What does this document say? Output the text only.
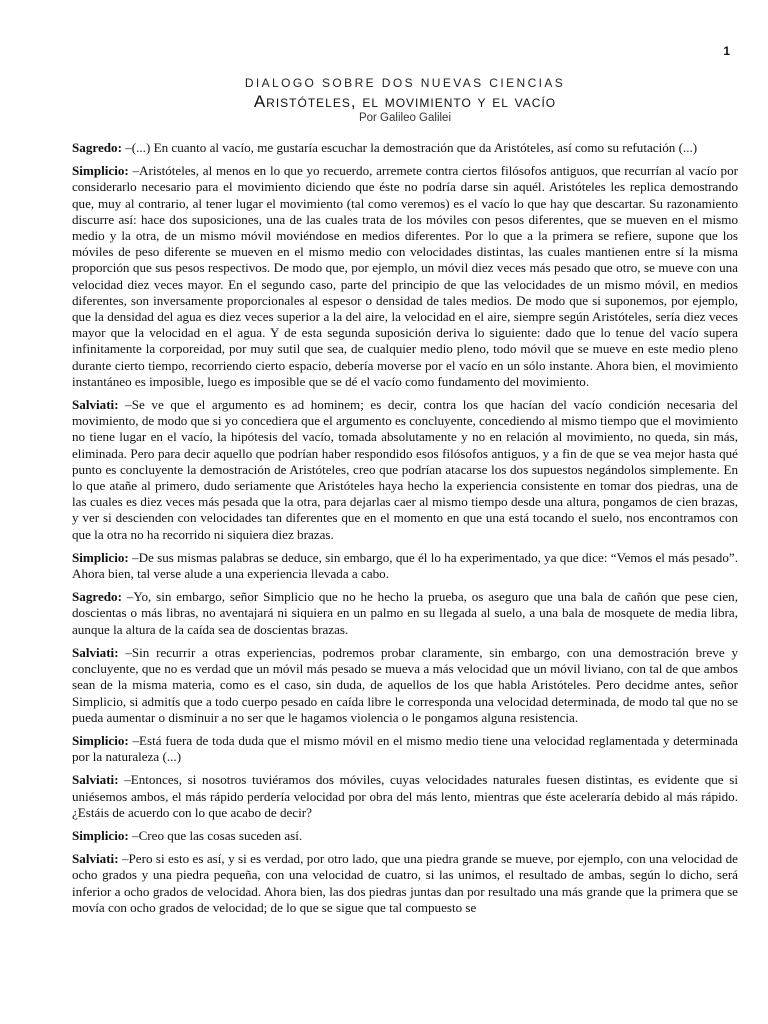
1
DIALOGO SOBRE DOS NUEVAS CIENCIAS
Aristóteles, el movimiento y el vacío
Por Galileo Galilei

Sagredo: –(...) En cuanto al vacío, me gustaría escuchar la demostración que da Aristóteles, así como su refutación (...)

Simplicio: –Aristóteles, al menos en lo que yo recuerdo, arremete contra ciertos filósofos antiguos, que recurrían al vacío por considerarlo necesario para el movimiento diciendo que éste no podría darse sin aquél. Aristóteles les replica demostrando que, muy al contrario, al tener lugar el movimiento (tal como veremos) es el vacío lo que hay que descartar. Su razonamiento discurre así: hace dos suposiciones, una de las cuales trata de los móviles con pesos diferentes, que se mueven en el mismo medio y la otra, de un mismo móvil moviéndose en medios diferentes. Por lo que a la primera se refiere, supone que los móviles de peso diferente se mueven en el mismo medio con velocidades distintas, las cuales mantienen entre sí la misma proporción que sus pesos respectivos. De modo que, por ejemplo, un móvil diez veces más pesado que otro, se mueve con una velocidad diez veces mayor. En el segundo caso, parte del principio de que las velocidades de un mismo móvil, en medios diferentes, son inversamente proporcionales al espesor o densidad de tales medios. De modo que si suponemos, por ejemplo, que la densidad del agua es diez veces superior a la del aire, la velocidad en el aire, siempre según Aristóteles, sería diez veces mayor que la velocidad en el agua. Y de esta segunda suposición deriva lo siguiente: dado que lo tenue del vacío supera infinitamente la corporeidad, por muy sutil que sea, de cualquier medio pleno, todo móvil que se mueve en este medio pleno durante cierto tiempo, recorriendo cierto espacio, debería moverse por el vacío en un sólo instante. Ahora bien, el movimiento instantáneo es imposible, luego es imposible que se dé el vacío como fundamento del movimiento.

Salviati: –Se ve que el argumento es ad hominem; es decir, contra los que hacían del vacío condición necesaria del movimiento, de modo que si yo concediera que el argumento es concluyente, concediendo al mismo tiempo que el movimiento no tiene lugar en el vacío, la hipótesis del vacío, tomada absolutamente y no en relación al movimiento, no queda, sin más, eliminada. Pero para decir aquello que podrían haber respondido esos filósofos antiguos, y a fin de que se vea mejor hasta qué punto es concluyente la demostración de Aristóteles, creo que podrían atacarse los dos supuestos negándolos simplemente. En lo que atañe al primero, dudo seriamente que Aristóteles haya hecho la experiencia consistente en tomar dos piedras, una de las cuales es diez veces más pesada que la otra, para dejarlas caer al mismo tiempo desde una altura, pongamos de cien brazas, y ver si descienden con velocidades tan diferentes que en el momento en que una está tocando el suelo, nos encontramos con que la otra no ha recorrido ni siquiera diez brazas.

Simplicio: –De sus mismas palabras se deduce, sin embargo, que él lo ha experimentado, ya que dice: “Vemos el más pesado”. Ahora bien, tal verse alude a una experiencia llevada a cabo.

Sagredo: –Yo, sin embargo, señor Simplicio que no he hecho la prueba, os aseguro que una bala de cañón que pese cien, doscientas o más libras, no aventajará ni siquiera en un palmo en su llegada al suelo, a una bala de mosquete de media libra, aunque la altura de la caída sea de doscientas brazas.

Salviati: –Sin recurrir a otras experiencias, podremos probar claramente, sin embargo, con una demostración breve y concluyente, que no es verdad que un móvil más pesado se mueva a más velocidad que un móvil liviano, con tal de que ambos sean de la misma materia, como es el caso, sin duda, de aquellos de los que habla Aristóteles. Pero decidme antes, señor Simplicio, si admitís que a todo cuerpo pesado en caída libre le corresponda una velocidad determinada, de modo tal que no se pueda aumentar o disminuir a no ser que le hagamos violencia o le pongamos alguna resistencia.

Simplicio: –Está fuera de toda duda que el mismo móvil en el mismo medio tiene una velocidad reglamentada y determinada por la naturaleza (...)

Salviati: –Entonces, si nosotros tuviéramos dos móviles, cuyas velocidades naturales fuesen distintas, es evidente que si uniésemos ambos, el más rápido perdería velocidad por obra del más lento, mientras que éste aceleraría debido al más rápido. ¿Estáis de acuerdo con lo que acabo de decir?

Simplicio: –Creo que las cosas suceden así.

Salviati: –Pero si esto es así, y si es verdad, por otro lado, que una piedra grande se mueve, por ejemplo, con una velocidad de ocho grados y una piedra pequeña, con una velocidad de cuatro, si las unimos, el resultado de ambas, según lo dicho, será inferior a ocho grados de velocidad. Ahora bien, las dos piedras juntas dan por resultado una más grande que la primera que se movía con ocho grados de velocidad; de lo que se sigue que tal compuesto se
